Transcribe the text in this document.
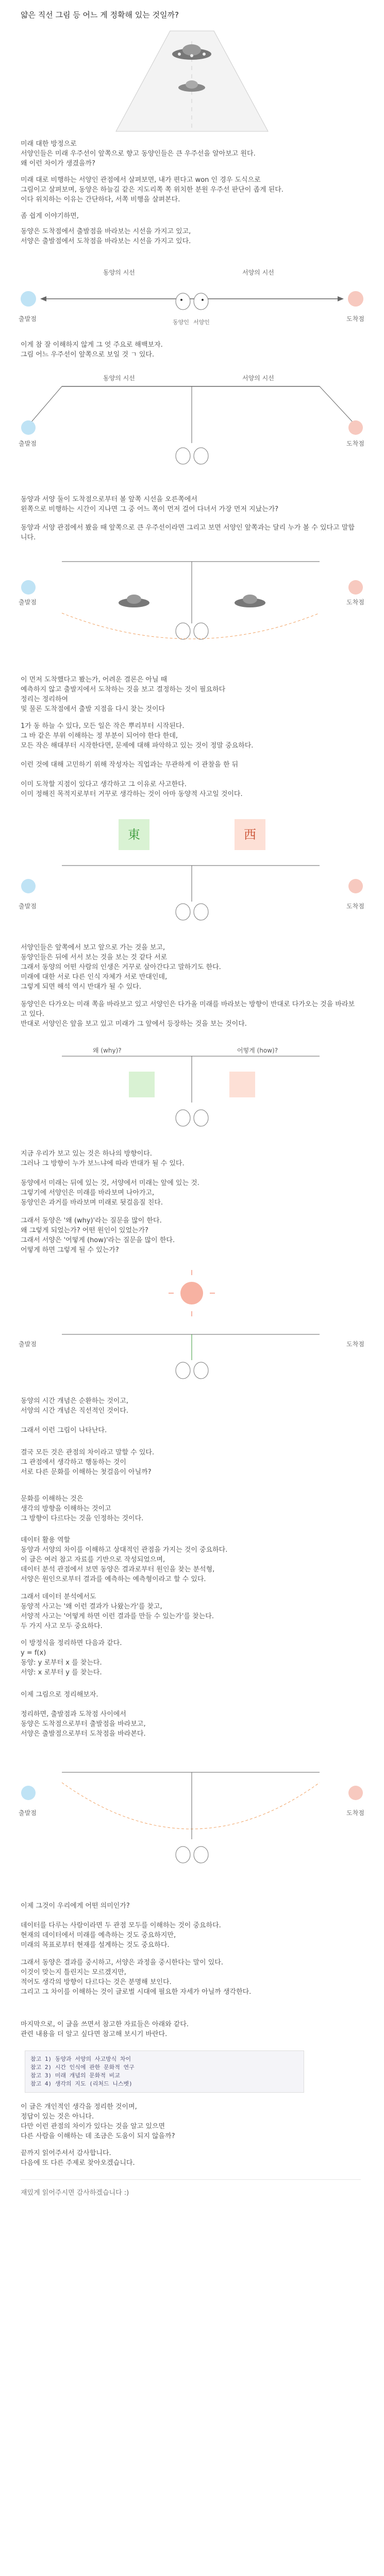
얇은 직선 그림 등 어느 게 정확해 있는 것일까?
미래 대한 방정으로
서양인들은 미래 우주선이 앞쪽으로 향고 동양인들은 큰 우주선을 알아보고 원다.
왜 이런 차이가 생겼을까?
미래 대로 비행하는 서양인 관점에서 살펴보면, 내가 편다고 won 인 경우 도식으로
그림이고 살펴보며, 동양은 하늘길 같은 지도리쪽 쪽 위치한 분원 우주선 판단이 좁게 된다.
이다 위치하는 이유는 간단하다, 서쪽 비행을 살펴본다.
좀 쉽게 이야기하면,
동양은 도착점에서 출발점을 바라보는 시선을 가지고 있고,
서양은 출발점에서 도착점을 바라보는 시선을 가지고 있다.
출발점	도착점
동양의 시선	서양의 시선
동양인 서양인
이게 참 잘 이해하지 않게 그 엇 주요로 해백보자.
그림 어느 우주선이 앞쪽으로 보일 것 ㄱ 있다.
출발점	도착점
동양의 시선	서양의 시선
동양과 서양 둘이 도착점으로부터 볼 앞쪽 시선을 오른쪽에서
왼쪽으로 비행하는 시간이 지나면 그 중 어느 쪽이 먼저 걸어 다녀서 가장 먼저 지났는가?
동양과 서양 관점에서 봤을 때 앞쪽으로 큰 우주선이라면 그리고 보면 서양인 앞쪽과는 달리 누가 볼 수 있다고 말합니다.
출발점	도착점
이 먼저 도착했다고 봤는가, 어려운 결론은 아닐 때
예측하지 않고 출발지에서 도착하는 것을 보고 결정하는 것이 필요하다
정리는 정리하여
및 물론 도착점에서 출발 지점을 다시 찾는 것이다
1가 동 하늘 수 있다, 모든 일은 작은 뿌리부터 시작된다.
그 바 같은 부위 이해하는 정 부분이 되어야 한다 한데,
모든 작은 해대부터 시작한다면, 문제에 대해 파악하고 있는 것이 정말 중요하다.
이런 것에 대해 고민하기 위해 작성자는 직업과는 무관하게 이 관찰을 한 뒤

이미 도착할 지점이 있다고 생각하고 그 이유로 사고한다.
이미 정해진 목적지로부터 거꾸로 생각하는 것이 아마 동양적 사고일 것이다.
東	西
출발점	도착점
서양인들은 앞쪽에서 보고 앞으로 가는 것을 보고,
동양인들은 뒤에 서서 보는 것을 보는 것 같다 서로
그래서 동양의 어떤 사람의 인생은 거꾸로 살아간다고 말하기도 한다.
미래에 대한 서로 다른 인식 자체가 서로 반대인데,
그렇게 되면 해석 역시 반대가 될 수 있다.
동양인은 다가오는 미래 쪽을 바라보고 있고 서양인은 다가올 미래를 바라보는 방향이 반대로 다가오는 것을 바라보고 있다.
반대로 서양인은 앞을 보고 있고 미래가 그 앞에서 등장하는 것을 보는 것이다.
왜 (why)?	어떻게 (how)?
지금 우리가 보고 있는 것은 하나의 방향이다.
그러나 그 방향이 누가 보느냐에 따라 반대가 될 수 있다.

동양에서 미래는 뒤에 있는 것, 서양에서 미래는 앞에 있는 것.
그렇기에 서양인은 미래를 바라보며 나아가고,
동양인은 과거를 바라보며 미래로 뒷걸음질 친다.
그래서 동양은 '왜 (why)'라는 질문을 많이 한다.
왜 그렇게 되었는가? 어떤 원인이 있었는가?
그래서 서양은 '어떻게 (how)'라는 질문을 많이 한다.
어떻게 하면 그렇게 될 수 있는가?
출발점	도착점
동양의 시간 개념은 순환하는 것이고,
서양의 시간 개념은 직선적인 것이다.

그래서 이런 그림이 나타난다.
결국 모든 것은 관점의 차이라고 말할 수 있다.
그 관점에서 생각하고 행동하는 것이
서로 다른 문화를 이해하는 첫걸음이 아닐까?
문화를 이해하는 것은
생각의 방향을 이해하는 것이고
그 방향이 다르다는 것을 인정하는 것이다.
데이터 활용 역할
동양과 서양의 차이를 이해하고 상대적인 관점을 가지는 것이 중요하다.
이 글은 여러 참고 자료를 기반으로 작성되었으며,
데이터 분석 관점에서 보면 동양은 결과로부터 원인을 찾는 분석형,
서양은 원인으로부터 결과를 예측하는 예측형이라고 할 수 있다.
그래서 데이터 분석에서도
동양적 사고는 '왜 이런 결과가 나왔는가'를 찾고,
서양적 사고는 '어떻게 하면 이런 결과를 만들 수 있는가'를 찾는다.
두 가지 사고 모두 중요하다.
이 방정식을 정리하면 다음과 같다.
y = f(x)
동양: y 로부터 x 를 찾는다.
서양: x 로부터 y 를 찾는다.
이제 그림으로 정리해보자.

정리하면, 출발점과 도착점 사이에서
동양은 도착점으로부터 출발점을 바라보고,
서양은 출발점으로부터 도착점을 바라본다.
출발점	도착점
이제 그것이 우리에게 어떤 의미인가?

데이터를 다루는 사람이라면 두 관점 모두를 이해하는 것이 중요하다.
현재의 데이터에서 미래를 예측하는 것도 중요하지만,
미래의 목표로부터 현재를 설계하는 것도 중요하다.
그래서 동양은 결과를 중시하고, 서양은 과정을 중시한다는 말이 있다.
이것이 맞는지 틀린지는 모르겠지만,
적어도 생각의 방향이 다르다는 것은 분명해 보인다.
그리고 그 차이를 이해하는 것이 글로벌 시대에 필요한 자세가 아닐까 생각한다.
마지막으로, 이 글을 쓰면서 참고한 자료들은 아래와 같다.
관련 내용을 더 알고 싶다면 참고해 보시기 바란다.
참고 1) 동양과 서양의 사고방식 차이
참고 2) 시간 인식에 관한 문화적 연구
참고 3) 미래 개념의 문화적 비교
참고 4) 생각의 지도 (리처드 니스벳)
이 글은 개인적인 생각을 정리한 것이며,
정답이 있는 것은 아니다.
다만 이런 관점의 차이가 있다는 것을 알고 있으면
다른 사람을 이해하는 데 조금은 도움이 되지 않을까?
끝까지 읽어주셔서 감사합니다.
다음에 또 다른 주제로 찾아오겠습니다.
재밌게 읽어주시면 감사하겠습니다 :)
